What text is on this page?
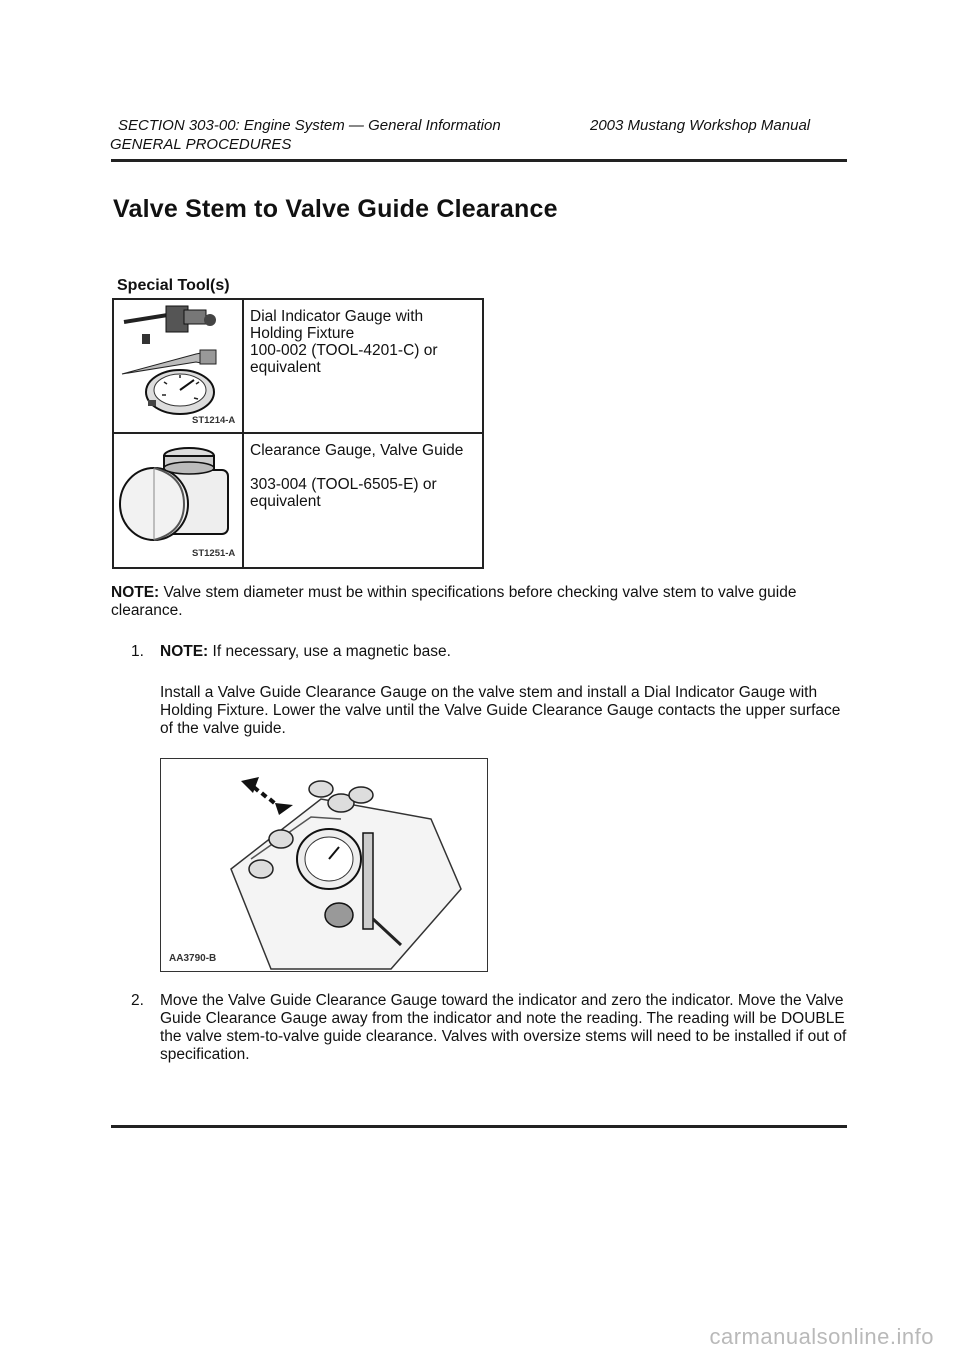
SECTION 303-00: Engine System — General Information	2003 Mustang Workshop Manual
GENERAL PROCEDURES
Valve Stem to Valve Guide Clearance
Special Tool(s)
ST1214-A	Dial Indicator Gauge with
Holding Fixture
100-002 (TOOL-4201-C) or
equivalent

ST1251-A	Clearance Gauge, Valve Guide

303-004 (TOOL-6505-E) or
equivalent
NOTE: Valve stem diameter must be within specifications before checking valve stem to valve guide clearance.
1. NOTE: If necessary, use a magnetic base.
Install a Valve Guide Clearance Gauge on the valve stem and install a Dial Indicator Gauge with Holding Fixture. Lower the valve until the Valve Guide Clearance Gauge contacts the upper surface of the valve guide.
AA3790-B
2. Move the Valve Guide Clearance Gauge toward the indicator and zero the indicator. Move the Valve Guide Clearance Gauge away from the indicator and note the reading. The reading will be DOUBLE the valve stem-to-valve guide clearance. Valves with oversize stems will need to be installed if out of specification.
carmanualsonline.info
